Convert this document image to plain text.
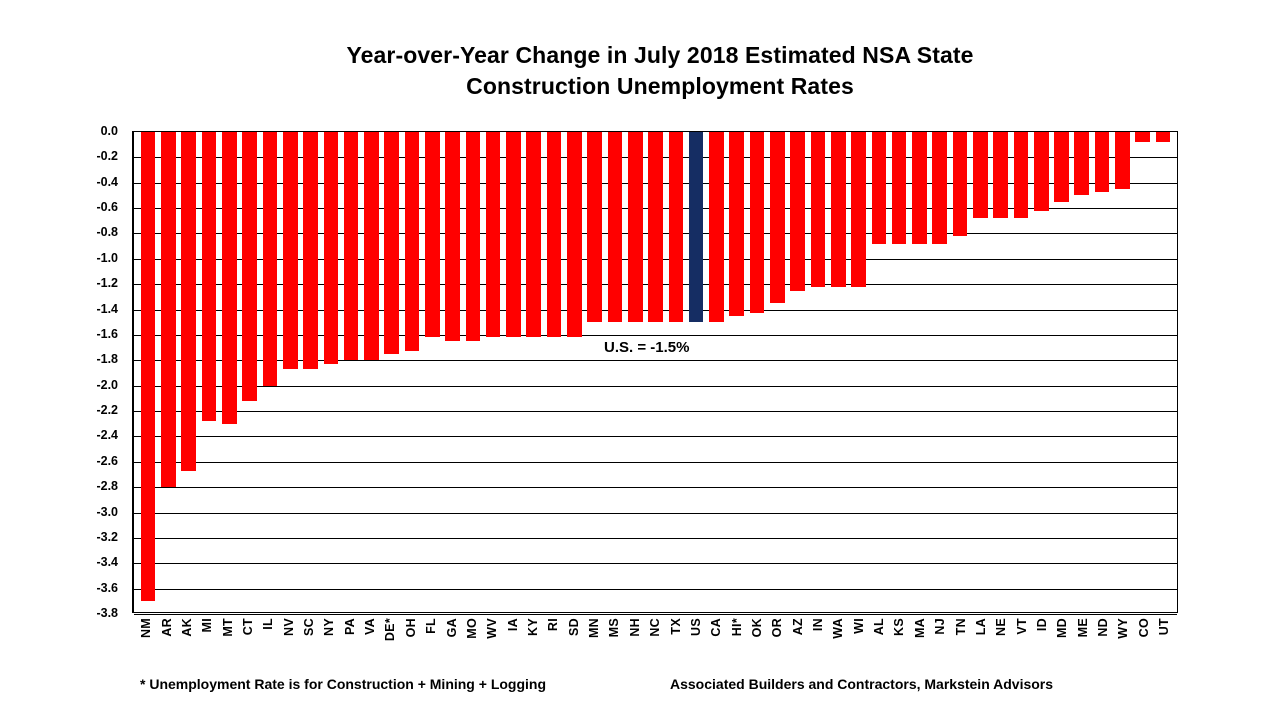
Year-over-Year Change in July 2018 Estimated NSA State
Construction Unemployment Rates
0.0
-0.2
-0.4
-0.6
-0.8
-1.0
-1.2
-1.4
-1.6
-1.8
-2.0
-2.2
-2.4
-2.6
-2.8
-3.0
-3.2
-3.4
-3.6
-3.8
U.S. = -1.5%
NM AR AK MI MT CT IL NV SC NY PA VA DE* OH FL GA MO WV IA KY RI SD MN MS NH NC TX US CA HI* OK OR AZ IN WA WI AL KS MA NJ TN LA NE VT ID MD ME ND WY CO UT
* Unemployment Rate is for Construction + Mining + Logging	Associated Builders and Contractors, Markstein Advisors
